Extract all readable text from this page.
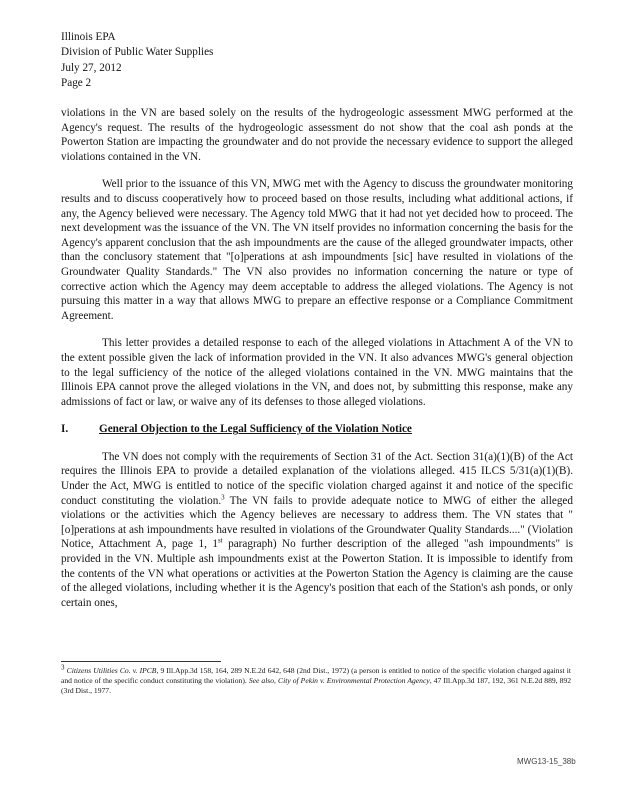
Illinois EPA
Division of Public Water Supplies
July 27, 2012
Page 2

violations in the VN are based solely on the results of the hydrogeologic assessment MWG performed at the Agency's request. The results of the hydrogeologic assessment do not show that the coal ash ponds at the Powerton Station are impacting the groundwater and do not provide the necessary evidence to support the alleged violations contained in the VN.

Well prior to the issuance of this VN, MWG met with the Agency to discuss the groundwater monitoring results and to discuss cooperatively how to proceed based on those results, including what additional actions, if any, the Agency believed were necessary. The Agency told MWG that it had not yet decided how to proceed. The next development was the issuance of the VN. The VN itself provides no information concerning the basis for the Agency's apparent conclusion that the ash impoundments are the cause of the alleged groundwater impacts, other than the conclusory statement that "[o]perations at ash impoundments [sic] have resulted in violations of the Groundwater Quality Standards." The VN also provides no information concerning the nature or type of corrective action which the Agency may deem acceptable to address the alleged violations. The Agency is not pursuing this matter in a way that allows MWG to prepare an effective response or a Compliance Commitment Agreement.

This letter provides a detailed response to each of the alleged violations in Attachment A of the VN to the extent possible given the lack of information provided in the VN. It also advances MWG's general objection to the legal sufficiency of the notice of the alleged violations contained in the VN. MWG maintains that the Illinois EPA cannot prove the alleged violations in the VN, and does not, by submitting this response, make any admissions of fact or law, or waive any of its defenses to those alleged violations.

I.	General Objection to the Legal Sufficiency of the Violation Notice

The VN does not comply with the requirements of Section 31 of the Act. Section 31(a)(1)(B) of the Act requires the Illinois EPA to provide a detailed explanation of the violations alleged. 415 ILCS 5/31(a)(1)(B). Under the Act, MWG is entitled to notice of the specific violation charged against it and notice of the specific conduct constituting the violation.$^3$ The VN fails to provide adequate notice to MWG of either the alleged violations or the activities which the Agency believes are necessary to address them. The VN states that "[o]perations at ash impoundments have resulted in violations of the Groundwater Quality Standards...." (Violation Notice, Attachment A, page 1, 1st paragraph) No further description of the alleged "ash impoundments" is provided in the VN. Multiple ash impoundments exist at the Powerton Station. It is impossible to identify from the contents of the VN what operations or activities at the Powerton Station the Agency is claiming are the cause of the alleged violations, including whether it is the Agency's position that each of the Station's ash ponds, or only certain ones,

$^3$ Citizens Utilities Co. v. IPCB, 9 Ill.App.3d 158, 164, 289 N.E.2d 642, 648 (2nd Dist., 1972) (a person is entitled to notice of the specific violation charged against it and notice of the specific conduct constituting the violation). See also, City of Pekin v. Environmental Protection Agency, 47 Ill.App.3d 187, 192, 361 N.E.2d 889, 892 (3rd Dist., 1977.
MWG13-15_38b
